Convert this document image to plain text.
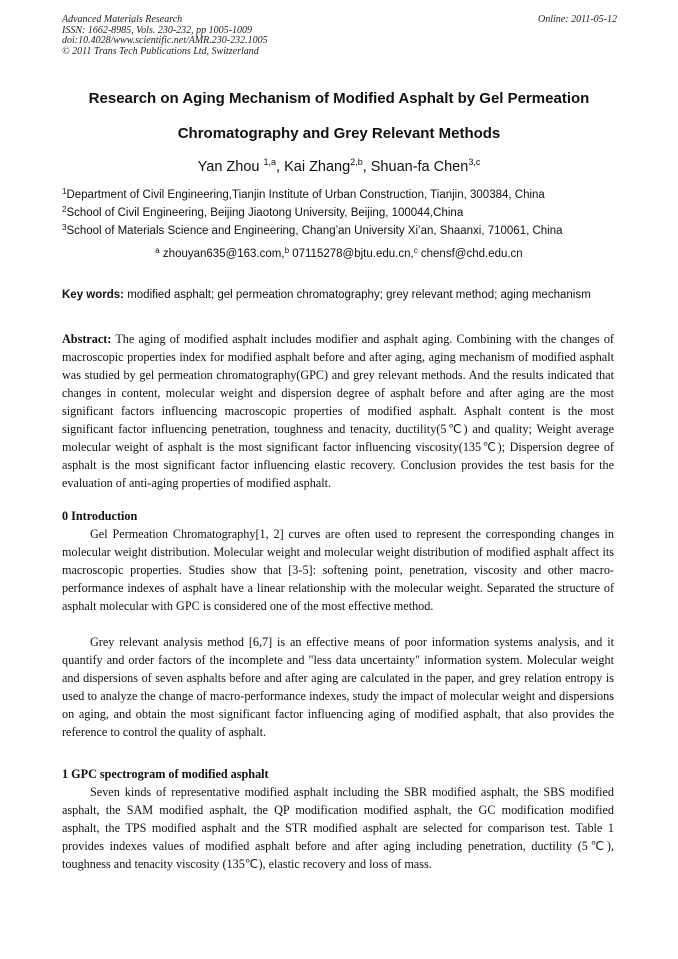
Advanced Materials Research
ISSN: 1662-8985, Vols. 230-232, pp 1005-1009
doi:10.4028/www.scientific.net/AMR.230-232.1005
© 2011 Trans Tech Publications Ltd, Switzerland
Online: 2011-05-12
Research on Aging Mechanism of Modified Asphalt by Gel Permeation
Chromatography and Grey Relevant Methods
Yan Zhou $^{1,a}$, Kai Zhang$^{2,b}$, Shuan-fa Chen$^{3,c}$
$^1$Department of Civil Engineering,Tianjin Institute of Urban Construction, Tianjin, 300384, China
$^2$School of Civil Engineering, Beijing Jiaotong University, Beijing, 100044,China
$^3$School of Materials Science and Engineering, Chang’an University Xi’an, Shaanxi, 710061, China
$^a$ zhouyan635@163.com,$^b$ 07115278@bjtu.edu.cn,$^c$ chensf@chd.edu.cn
Key words: modified asphalt; gel permeation chromatography; grey relevant method; aging mechanism
Abstract: The aging of modified asphalt includes modifier and asphalt aging. Combining with the changes of macroscopic properties index for modified asphalt before and after aging, aging mechanism of modified asphalt was studied by gel permeation chromatography(GPC) and grey relevant methods. And the results indicated that changes in content, molecular weight and dispersion degree of asphalt before and after aging are the most significant factors influencing macroscopic properties of modified asphalt. Asphalt content is the most significant factor influencing penetration, toughness and tenacity, ductility(5℃) and quality; Weight average molecular weight of asphalt is the most significant factor influencing viscosity(135℃); Dispersion degree of asphalt is the most significant factor influencing elastic recovery. Conclusion provides the test basis for the evaluation of anti-aging properties of modified asphalt.
0 Introduction
Gel Permeation Chromatography[1, 2] curves are often used to represent the corresponding changes in molecular weight distribution. Molecular weight and molecular weight distribution of modified asphalt affect its macroscopic properties. Studies show that [3-5]: softening point, penetration, viscosity and other macro-performance indexes of asphalt have a linear relationship with the molecular weight. Separated the structure of asphalt molecular with GPC is considered one of the most effective method.
Grey relevant analysis method [6,7] is an effective means of poor information systems analysis, and it quantify and order factors of the incomplete and "less data uncertainty" information system. Molecular weight and dispersions of seven asphalts before and after aging are calculated in the paper, and grey relation entropy is used to analyze the change of macro-performance indexes, study the impact of molecular weight and dispersions on aging, and obtain the most significant factor influencing aging of modified asphalt, that also provides the reference to control the quality of asphalt.
1 GPC spectrogram of modified asphalt
Seven kinds of representative modified asphalt including the SBR modified asphalt, the SBS modified asphalt, the SAM modified asphalt, the QP modification modified asphalt, the GC modification modified asphalt, the TPS modified asphalt and the STR modified asphalt are selected for comparison test. Table 1 provides indexes values of modified asphalt before and after aging including penetration, ductility (5℃), toughness and tenacity viscosity (135℃), elastic recovery and loss of mass.
